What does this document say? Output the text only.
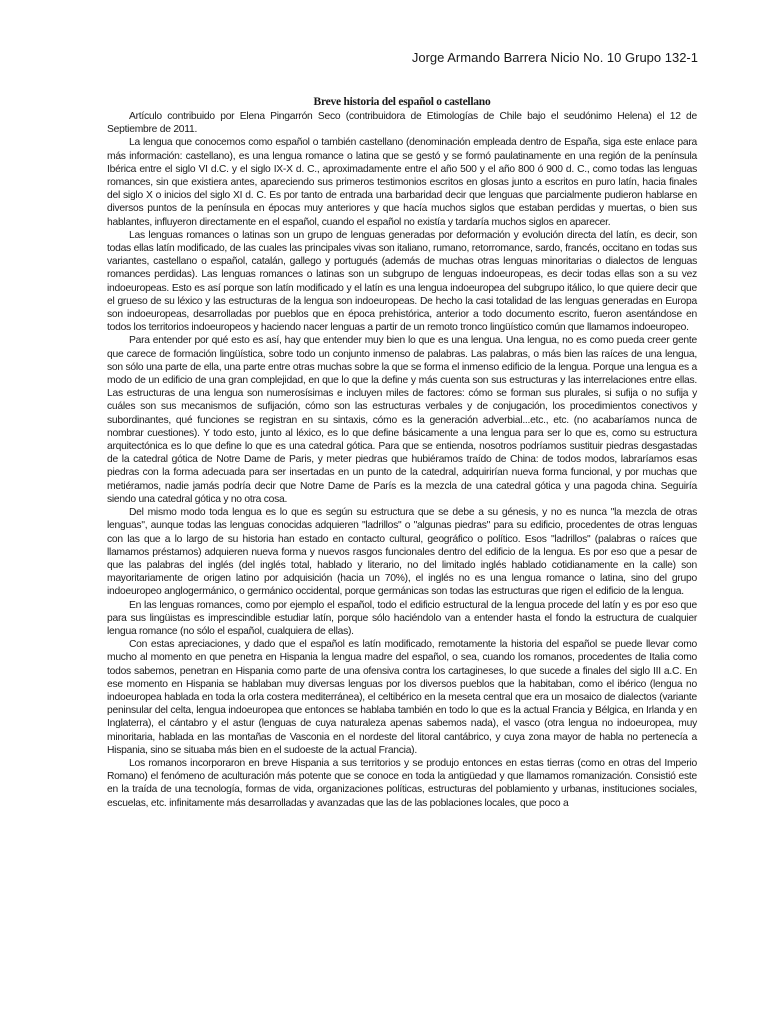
Jorge Armando Barrera Nicio No. 10 Grupo 132-1
Breve historia del español o castellano

Artículo contribuido por Elena Pingarrón Seco (contribuidora de Etimologías de Chile bajo el seudónimo Helena) el 12 de Septiembre de 2011.

La lengua que conocemos como español o también castellano (denominación empleada dentro de España, siga este enlace para más información: castellano), es una lengua romance o latina que se gestó y se formó paulatinamente en una región de la península Ibérica entre el siglo VI d.C. y el siglo IX-X d. C., aproximadamente entre el año 500 y el año 800 ó 900 d. C., como todas las lenguas romances, sin que existiera antes, apareciendo sus primeros testimonios escritos en glosas junto a escritos en puro latín, hacia finales del siglo X o inicios del siglo XI d. C. Es por tanto de entrada una barbaridad decir que lenguas que parcialmente pudieron hablarse en diversos puntos de la península en épocas muy anteriores y que hacía muchos siglos que estaban perdidas y muertas, o bien sus hablantes, influyeron directamente en el español, cuando el español no existía y tardaría muchos siglos en aparecer.

Las lenguas romances o latinas son un grupo de lenguas generadas por deformación y evolución directa del latín, es decir, son todas ellas latín modificado, de las cuales las principales vivas son italiano, rumano, retorromance, sardo, francés, occitano en todas sus variantes, castellano o español, catalán, gallego y portugués (además de muchas otras lenguas minoritarias o dialectos de lenguas romances perdidas). Las lenguas romances o latinas son un subgrupo de lenguas indoeuropeas, es decir todas ellas son a su vez indoeuropeas. Esto es así porque son latín modificado y el latín es una lengua indoeuropea del subgrupo itálico, lo que quiere decir que el grueso de su léxico y las estructuras de la lengua son indoeuropeas. De hecho la casi totalidad de las lenguas generadas en Europa son indoeuropeas, desarrolladas por pueblos que en época prehistórica, anterior a todo documento escrito, fueron asentándose en todos los territorios indoeuropeos y haciendo nacer lenguas a partir de un remoto tronco lingüístico común que llamamos indoeuropeo.

Para entender por qué esto es así, hay que entender muy bien lo que es una lengua. Una lengua, no es como pueda creer gente que carece de formación lingüística, sobre todo un conjunto inmenso de palabras. Las palabras, o más bien las raíces de una lengua, son sólo una parte de ella, una parte entre otras muchas sobre la que se forma el inmenso edificio de la lengua. Porque una lengua es a modo de un edificio de una gran complejidad, en que lo que la define y más cuenta son sus estructuras y las interrelaciones entre ellas. Las estructuras de una lengua son numerosísimas e incluyen miles de factores: cómo se forman sus plurales, si sufija o no sufija y cuáles son sus mecanismos de sufijación, cómo son las estructuras verbales y de conjugación, los procedimientos conectivos y subordinantes, qué funciones se registran en su sintaxis, cómo es la generación adverbial...etc., etc. (no acabaríamos nunca de nombrar cuestiones). Y todo esto, junto al léxico, es lo que define básicamente a una lengua para ser lo que es, como su estructura arquitectónica es lo que define lo que es una catedral gótica. Para que se entienda, nosotros podríamos sustituir piedras desgastadas de la catedral gótica de Notre Dame de Paris, y meter piedras que hubiéramos traído de China: de todos modos, labraríamos esas piedras con la forma adecuada para ser insertadas en un punto de la catedral, adquirirían nueva forma funcional, y por muchas que metiéramos, nadie jamás podría decir que Notre Dame de París es la mezcla de una catedral gótica y una pagoda china. Seguiría siendo una catedral gótica y no otra cosa.

Del mismo modo toda lengua es lo que es según su estructura que se debe a su génesis, y no es nunca "la mezcla de otras lenguas", aunque todas las lenguas conocidas adquieren "ladrillos" o "algunas piedras" para su edificio, procedentes de otras lenguas con las que a lo largo de su historia han estado en contacto cultural, geográfico o político. Esos "ladrillos" (palabras o raíces que llamamos préstamos) adquieren nueva forma y nuevos rasgos funcionales dentro del edificio de la lengua. Es por eso que a pesar de que las palabras del inglés (del inglés total, hablado y literario, no del limitado inglés hablado cotidianamente en la calle) son mayoritariamente de origen latino por adquisición (hacia un 70%), el inglés no es una lengua romance o latina, sino del grupo indoeuropeo anglogermánico, o germánico occidental, porque germánicas son todas las estructuras que rigen el edificio de la lengua.

En las lenguas romances, como por ejemplo el español, todo el edificio estructural de la lengua procede del latín y es por eso que para sus lingüistas es imprescindible estudiar latín, porque sólo haciéndolo van a entender hasta el fondo la estructura de cualquier lengua romance (no sólo el español, cualquiera de ellas).

Con estas apreciaciones, y dado que el español es latín modificado, remotamente la historia del español se puede llevar como mucho al momento en que penetra en Hispania la lengua madre del español, o sea, cuando los romanos, procedentes de Italia como todos sabemos, penetran en Hispania como parte de una ofensiva contra los cartagineses, lo que sucede a finales del siglo III a.C. En ese momento en Hispania se hablaban muy diversas lenguas por los diversos pueblos que la habitaban, como el ibérico (lengua no indoeuropea hablada en toda la orla costera mediterránea), el celtibérico en la meseta central que era un mosaico de dialectos (variante peninsular del celta, lengua indoeuropea que entonces se hablaba también en todo lo que es la actual Francia y Bélgica, en Irlanda y en Inglaterra), el cántabro y el astur (lenguas de cuya naturaleza apenas sabemos nada), el vasco (otra lengua no indoeuropea, muy minoritaria, hablada en las montañas de Vasconia en el nordeste del litoral cantábrico, y cuya zona mayor de habla no pertenecía a Hispania, sino se situaba más bien en el sudoeste de la actual Francia).

Los romanos incorporaron en breve Hispania a sus territorios y se produjo entonces en estas tierras (como en otras del Imperio Romano) el fenómeno de aculturación más potente que se conoce en toda la antigüedad y que llamamos romanización. Consistió este en la traída de una tecnología, formas de vida, organizaciones políticas, estructuras del poblamiento y urbanas, instituciones sociales, escuelas, etc. infinitamente más desarrolladas y avanzadas que las de las poblaciones locales, que poco a
